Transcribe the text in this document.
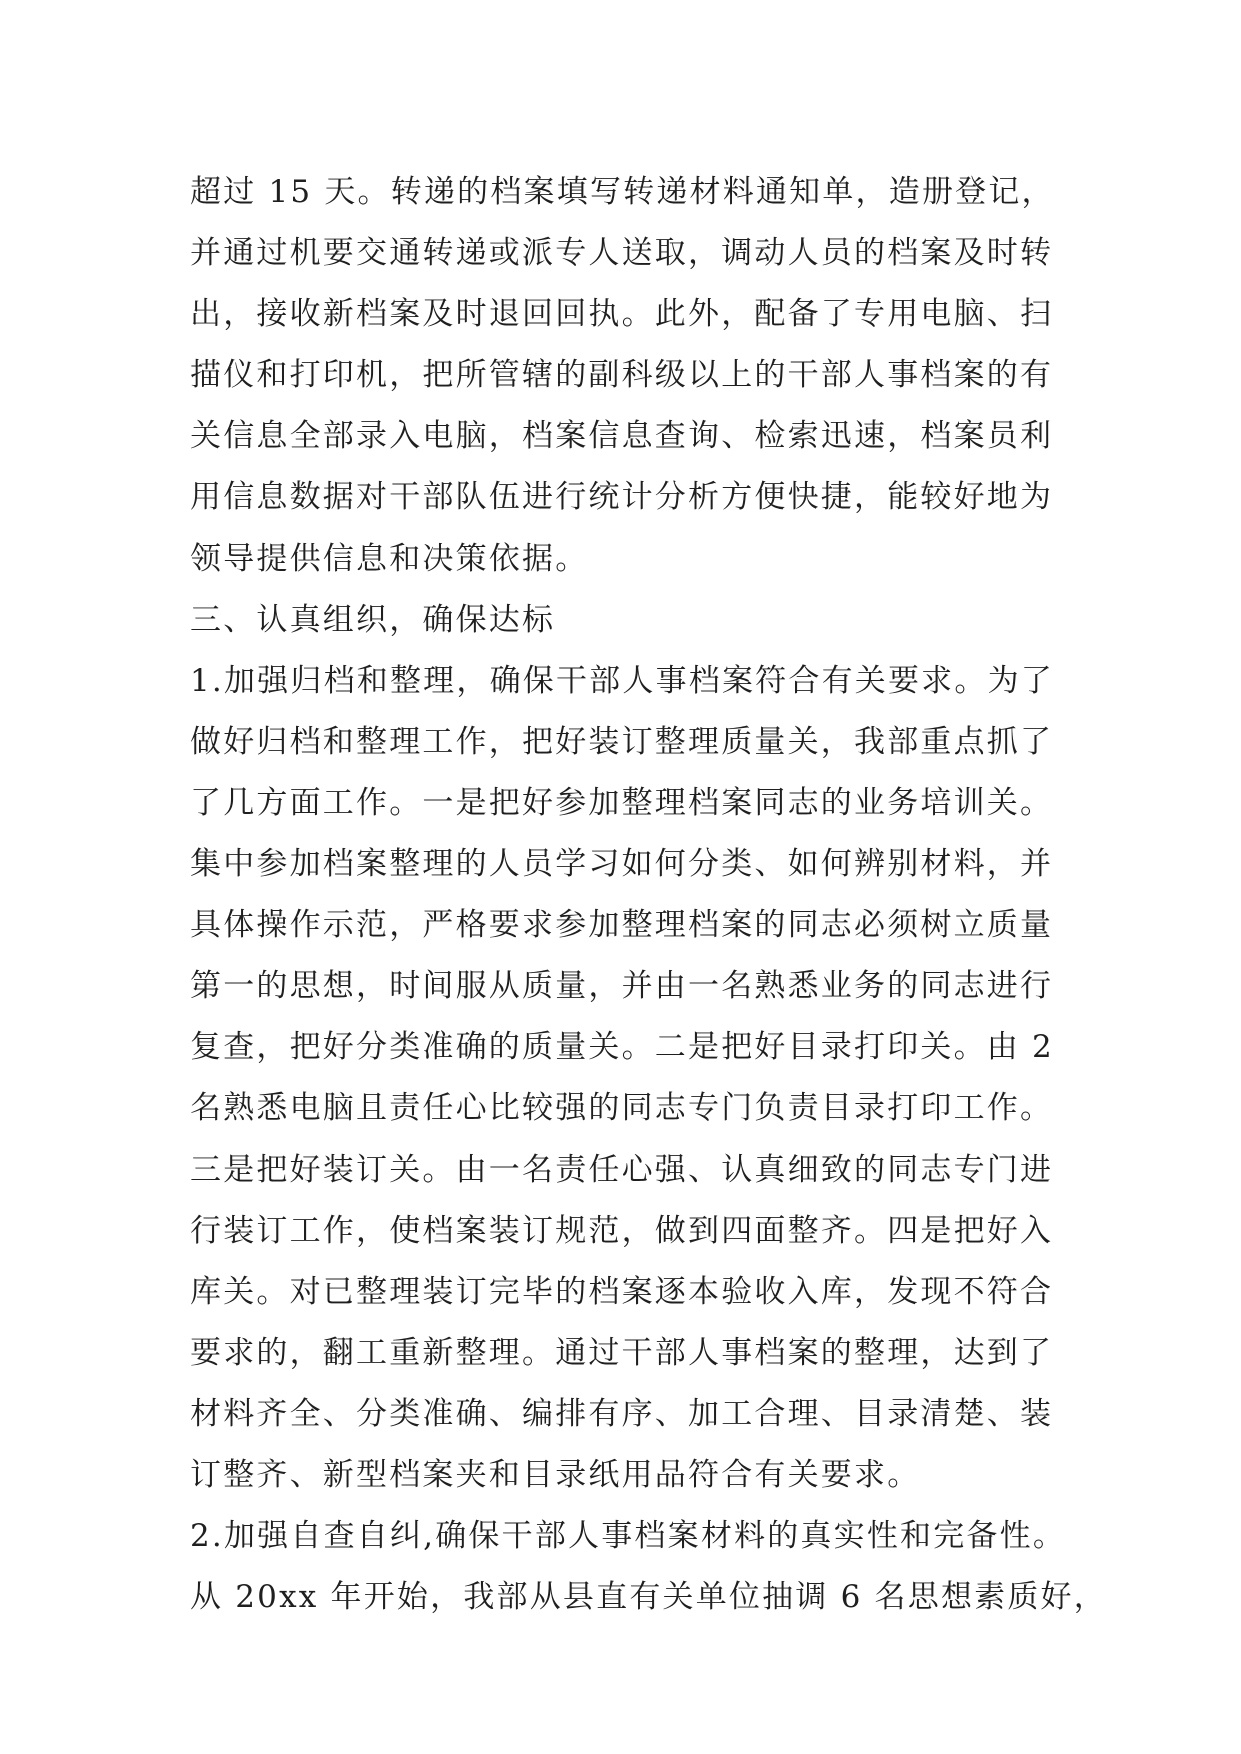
超过 15 天。转递的档案填写转递材料通知单，造册登记，
并通过机要交通转递或派专人送取，调动人员的档案及时转
出，接收新档案及时退回回执。此外，配备了专用电脑、扫
描仪和打印机，把所管辖的副科级以上的干部人事档案的有
关信息全部录入电脑，档案信息查询、检索迅速，档案员利
用信息数据对干部队伍进行统计分析方便快捷，能较好地为
领导提供信息和决策依据。
三、认真组织，确保达标
1.加强归档和整理，确保干部人事档案符合有关要求。为了
做好归档和整理工作，把好装订整理质量关，我部重点抓了
了几方面工作。一是把好参加整理档案同志的业务培训关。
集中参加档案整理的人员学习如何分类、如何辨别材料，并
具体操作示范，严格要求参加整理档案的同志必须树立质量
第一的思想，时间服从质量，并由一名熟悉业务的同志进行
复查，把好分类准确的质量关。二是把好目录打印关。由 2
名熟悉电脑且责任心比较强的同志专门负责目录打印工作。
三是把好装订关。由一名责任心强、认真细致的同志专门进
行装订工作，使档案装订规范，做到四面整齐。四是把好入
库关。对已整理装订完毕的档案逐本验收入库，发现不符合
要求的，翻工重新整理。通过干部人事档案的整理，达到了
材料齐全、分类准确、编排有序、加工合理、目录清楚、装
订整齐、新型档案夹和目录纸用品符合有关要求。
2.加强自查自纠,确保干部人事档案材料的真实性和完备性。
从 20xx 年开始，我部从县直有关单位抽调 6 名思想素质好，
